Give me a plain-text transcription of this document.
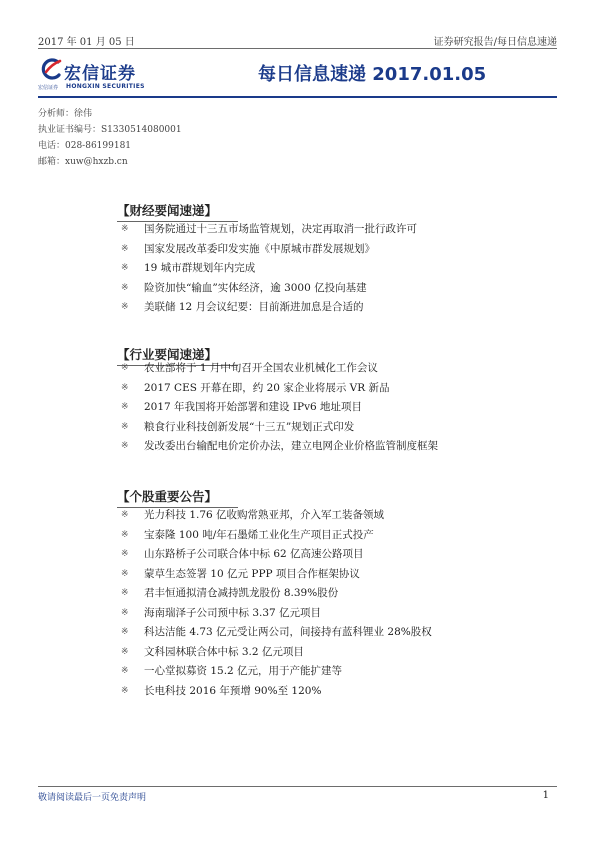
2017 年 01 月 05 日	证券研究报告/每日信息速递
宏信证券
宏信证券 HONGXIN SECURITIES
每日信息速递 2017.01.05
分析师：徐伟
执业证书编号：S1330514080001
电话：028-86199181
邮箱：xuw@hxzb.cn
【财经要闻速递】
※ 国务院通过十三五市场监管规划，决定再取消一批行政许可
※ 国家发展改革委印发实施《中原城市群发展规划》
※ 19 城市群规划年内完成
※ 险资加快“输血”实体经济，逾 3000 亿投向基建
※ 美联储 12 月会议纪要：目前渐进加息是合适的
【行业要闻速递】
※ 农业部将于 1 月中旬召开全国农业机械化工作会议
※ 2017 CES 开幕在即，约 20 家企业将展示 VR 新品
※ 2017 年我国将开始部署和建设 IPv6 地址项目
※ 粮食行业科技创新发展“十三五”规划正式印发
※ 发改委出台输配电价定价办法，建立电网企业价格监管制度框架
【个股重要公告】
※ 光力科技 1.76 亿收购常熟亚邦，介入军工装备领域
※ 宝泰隆 100 吨/年石墨烯工业化生产项目正式投产
※ 山东路桥子公司联合体中标 62 亿高速公路项目
※ 蒙草生态签署 10 亿元 PPP 项目合作框架协议
※ 君丰恒通拟清仓减持凯龙股份 8.39%股份
※ 海南瑞泽子公司预中标 3.37 亿元项目
※ 科达洁能 4.73 亿元受让两公司，间接持有蓝科锂业 28%股权
※ 文科园林联合体中标 3.2 亿元项目
※ 一心堂拟募资 15.2 亿元，用于产能扩建等
※ 长电科技 2016 年预增 90%至 120%
敬请阅读最后一页免责声明	1
